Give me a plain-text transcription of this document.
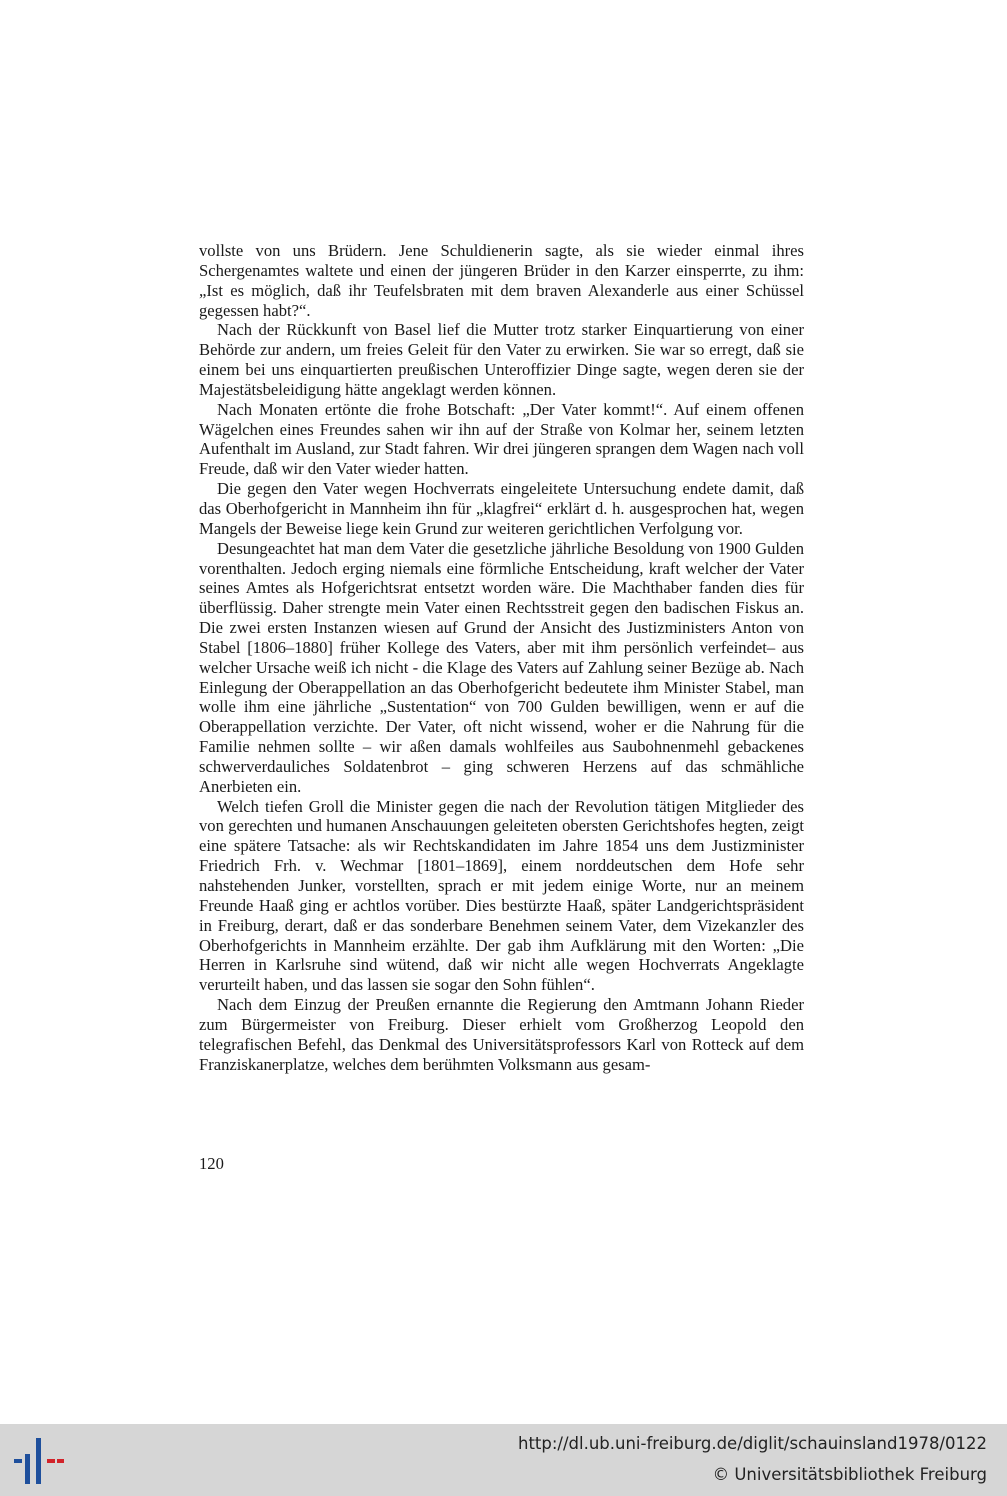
vollste von uns Brüdern. Jene Schuldienerin sagte, als sie wieder einmal ihres Schergenamtes waltete und einen der jüngeren Brüder in den Karzer einsperrte, zu ihm: „Ist es möglich, daß ihr Teufelsbraten mit dem braven Alexanderle aus einer Schüssel gegessen habt?“.

Nach der Rückkunft von Basel lief die Mutter trotz starker Einquartierung von einer Behörde zur andern, um freies Geleit für den Vater zu erwirken. Sie war so erregt, daß sie einem bei uns einquartierten preußischen Unteroffizier Dinge sagte, wegen deren sie der Majestätsbeleidigung hätte angeklagt werden können.

Nach Monaten ertönte die frohe Botschaft: „Der Vater kommt!“. Auf einem offenen Wägelchen eines Freundes sahen wir ihn auf der Straße von Kolmar her, seinem letzten Aufenthalt im Ausland, zur Stadt fahren. Wir drei jüngeren sprangen dem Wagen nach voll Freude, daß wir den Vater wieder hatten.

Die gegen den Vater wegen Hochverrats eingeleitete Untersuchung endete damit, daß das Oberhofgericht in Mannheim ihn für „klagfrei“ erklärt d. h. ausgesprochen hat, wegen Mangels der Beweise liege kein Grund zur weiteren gerichtlichen Verfolgung vor.

Desungeachtet hat man dem Vater die gesetzliche jährliche Besoldung von 1900 Gulden vorenthalten. Jedoch erging niemals eine förmliche Entscheidung, kraft welcher der Vater seines Amtes als Hofgerichtsrat entsetzt worden wäre. Die Machthaber fanden dies für überflüssig. Daher strengte mein Vater einen Rechtsstreit gegen den badischen Fiskus an. Die zwei ersten Instanzen wiesen auf Grund der Ansicht des Justizministers Anton von Stabel [1806–1880] früher Kollege des Vaters, aber mit ihm persönlich verfeindet– aus welcher Ursache weiß ich nicht - die Klage des Vaters auf Zahlung seiner Bezüge ab. Nach Einlegung der Oberappellation an das Oberhofgericht bedeutete ihm Minister Stabel, man wolle ihm eine jährliche „Sustentation“ von 700 Gulden bewilligen, wenn er auf die Oberappellation verzichte. Der Vater, oft nicht wissend, woher er die Nahrung für die Familie nehmen sollte – wir aßen damals wohlfeiles aus Saubohnenmehl gebackenes schwerverdauliches Soldatenbrot – ging schweren Herzens auf das schmähliche Anerbieten ein.

Welch tiefen Groll die Minister gegen die nach der Revolution tätigen Mitglieder des von gerechten und humanen Anschauungen geleiteten obersten Gerichtshofes hegten, zeigt eine spätere Tatsache: als wir Rechtskandidaten im Jahre 1854 uns dem Justizminister Friedrich Frh. v. Wechmar [1801–1869], einem norddeutschen dem Hofe sehr nahstehenden Junker, vorstellten, sprach er mit jedem einige Worte, nur an meinem Freunde Haaß ging er achtlos vorüber. Dies bestürzte Haaß, später Landgerichtspräsident in Freiburg, derart, daß er das sonderbare Benehmen seinem Vater, dem Vizekanzler des Oberhofgerichts in Mannheim erzählte. Der gab ihm Aufklärung mit den Worten: „Die Herren in Karlsruhe sind wütend, daß wir nicht alle wegen Hochverrats Angeklagte verurteilt haben, und das lassen sie sogar den Sohn fühlen“.

Nach dem Einzug der Preußen ernannte die Regierung den Amtmann Johann Rieder zum Bürgermeister von Freiburg. Dieser erhielt vom Großherzog Leopold den telegrafischen Befehl, das Denkmal des Universitätsprofessors Karl von Rotteck auf dem Franziskanerplatze, welches dem berühmten Volksmann aus gesam-

120
http://dl.ub.uni-freiburg.de/diglit/schauinsland1978/0122
© Universitätsbibliothek Freiburg
